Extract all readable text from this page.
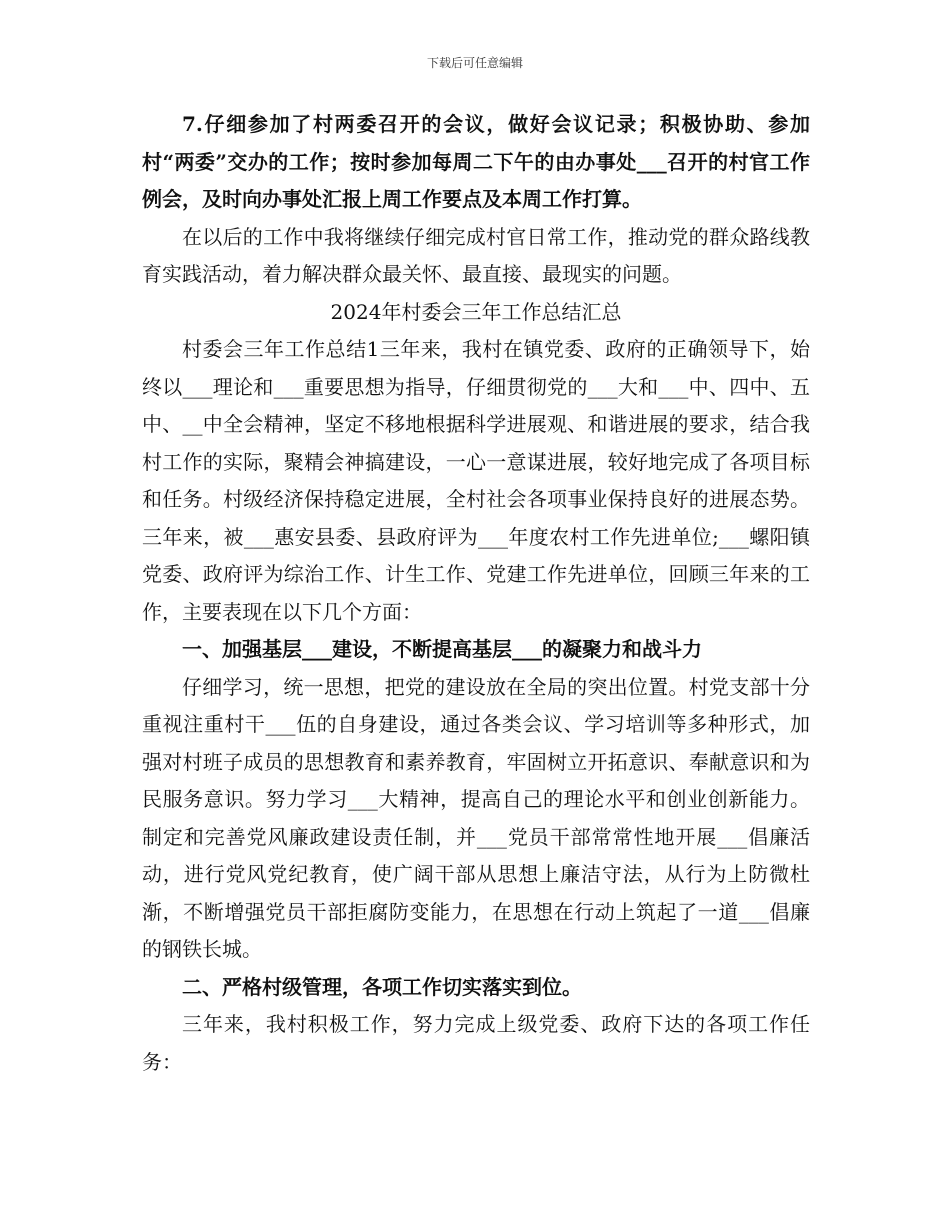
下载后可任意编辑

7.仔细参加了村两委召开的会议，做好会议记录；积极协助、参加村“两委”交办的工作；按时参加每周二下午的由办事处___召开的村官工作例会，及时向办事处汇报上周工作要点及本周工作打算。

在以后的工作中我将继续仔细完成村官日常工作，推动党的群众路线教育实践活动，着力解决群众最关怀、最直接、最现实的问题。

2024年村委会三年工作总结汇总

村委会三年工作总结1三年来，我村在镇党委、政府的正确领导下，始终以___理论和___重要思想为指导，仔细贯彻党的___大和___中、四中、五中、__中全会精神，坚定不移地根据科学进展观、和谐进展的要求，结合我村工作的实际，聚精会神搞建设，一心一意谋进展，较好地完成了各项目标和任务。村级经济保持稳定进展，全村社会各项事业保持良好的进展态势。三年来，被___惠安县委、县政府评为___年度农村工作先进单位;___螺阳镇党委、政府评为综治工作、计生工作、党建工作先进单位，回顾三年来的工作，主要表现在以下几个方面：

一、加强基层___建设，不断提高基层___的凝聚力和战斗力

仔细学习，统一思想，把党的建设放在全局的突出位置。村党支部十分重视注重村干___伍的自身建设，通过各类会议、学习培训等多种形式，加强对村班子成员的思想教育和素养教育，牢固树立开拓意识、奉献意识和为民服务意识。努力学习___大精神，提高自己的理论水平和创业创新能力。制定和完善党风廉政建设责任制，并___党员干部常常性地开展___倡廉活动，进行党风党纪教育，使广阔干部从思想上廉洁守法，从行为上防微杜渐，不断增强党员干部拒腐防变能力，在思想在行动上筑起了一道___倡廉的钢铁长城。

二、严格村级管理，各项工作切实落实到位。

三年来，我村积极工作，努力完成上级党委、政府下达的各项工作任务：
